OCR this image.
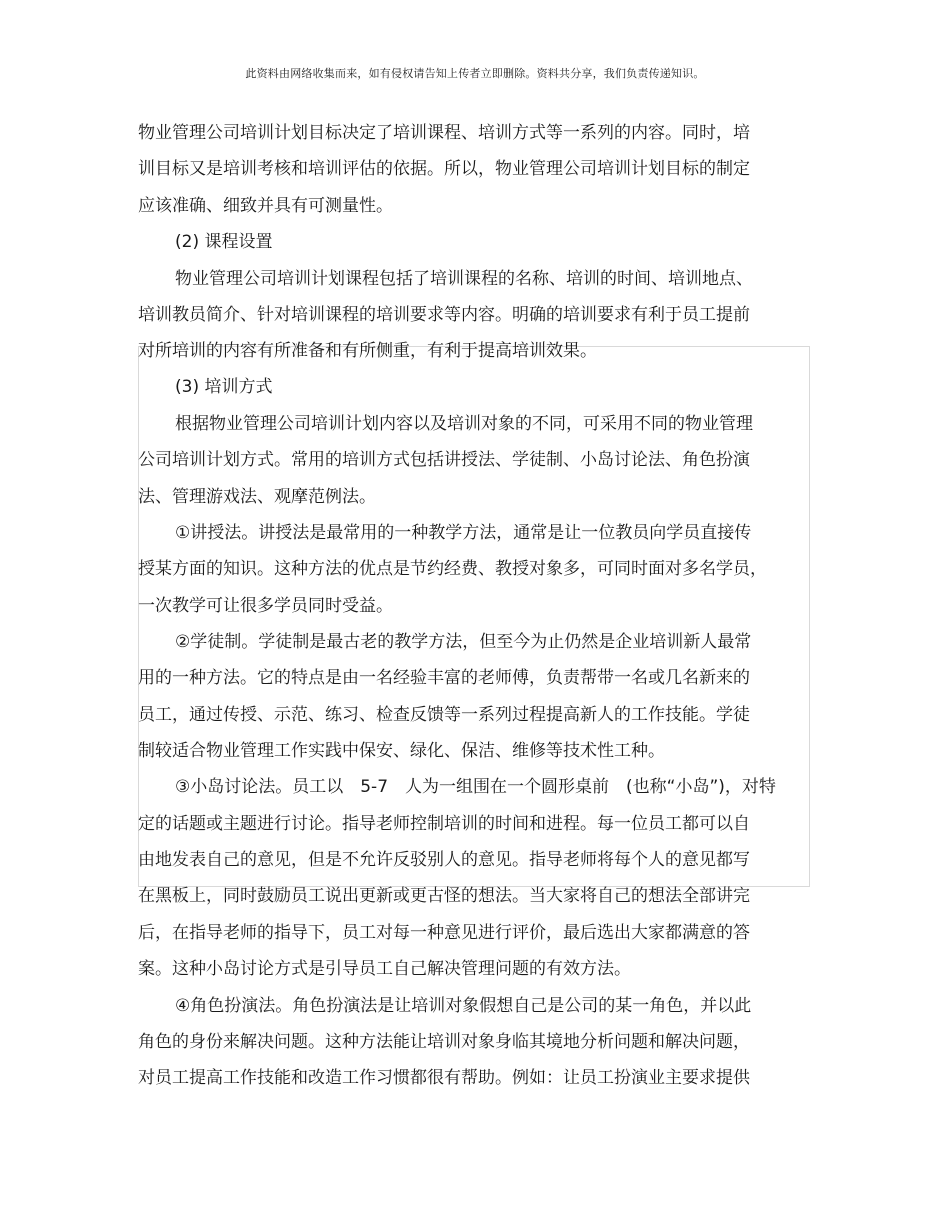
此资料由网络收集而来，如有侵权请告知上传者立即删除。资料共分享，我们负责传递知识。
物业管理公司培训计划目标决定了培训课程、培训方式等一系列的内容。同时，培
训目标又是培训考核和培训评估的依据。所以，物业管理公司培训计划目标的制定
应该准确、细致并具有可测量性。
(2) 课程设置
物业管理公司培训计划课程包括了培训课程的名称、培训的时间、培训地点、
培训教员简介、针对培训课程的培训要求等内容。明确的培训要求有利于员工提前
对所培训的内容有所准备和有所侧重，有利于提高培训效果。
(3) 培训方式
根据物业管理公司培训计划内容以及培训对象的不同，可采用不同的物业管理
公司培训计划方式。常用的培训方式包括讲授法、学徒制、小岛讨论法、角色扮演
法、管理游戏法、观摩范例法。
①讲授法。讲授法是最常用的一种教学方法，通常是让一位教员向学员直接传
授某方面的知识。这种方法的优点是节约经费、教授对象多，可同时面对多名学员，
一次教学可让很多学员同时受益。
②学徒制。学徒制是最古老的教学方法，但至今为止仍然是企业培训新人最常
用的一种方法。它的特点是由一名经验丰富的老师傅，负责帮带一名或几名新来的
员工，通过传授、示范、练习、检查反馈等一系列过程提高新人的工作技能。学徒
制较适合物业管理工作实践中保安、绿化、保洁、维修等技术性工种。
③小岛讨论法。员工以　5-7　人为一组围在一个圆形桌前　(也称“小岛”)，对特
定的话题或主题进行讨论。指导老师控制培训的时间和进程。每一位员工都可以自
由地发表自己的意见，但是不允许反驳别人的意见。指导老师将每个人的意见都写
在黑板上，同时鼓励员工说出更新或更古怪的想法。当大家将自己的想法全部讲完
后，在指导老师的指导下，员工对每一种意见进行评价，最后选出大家都满意的答
案。这种小岛讨论方式是引导员工自己解决管理问题的有效方法。
④角色扮演法。角色扮演法是让培训对象假想自己是公司的某一角色，并以此
角色的身份来解决问题。这种方法能让培训对象身临其境地分析问题和解决问题，
对员工提高工作技能和改造工作习惯都很有帮助。例如：让员工扮演业主要求提供
